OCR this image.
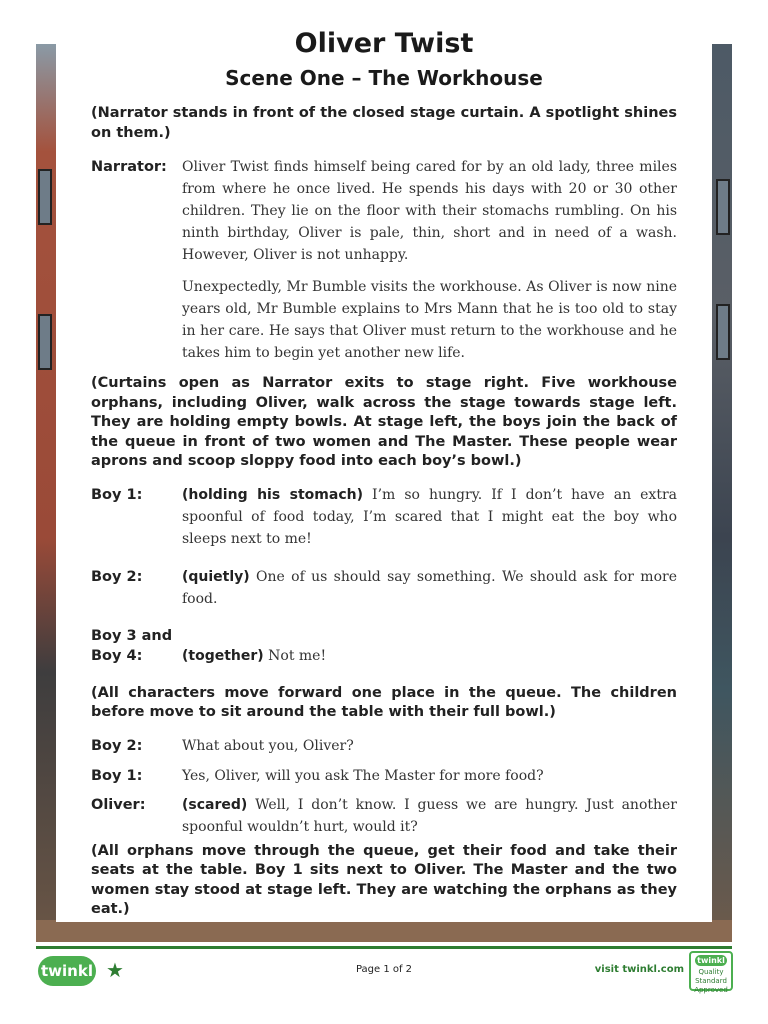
Oliver Twist
Scene One – The Workhouse

(Narrator stands in front of the closed stage curtain. A spotlight shines on them.)

Narrator:	Oliver Twist finds himself being cared for by an old lady, three miles from where he once lived. He spends his days with 20 or 30 other children. They lie on the floor with their stomachs rumbling. On his ninth birthday, Oliver is pale, thin, short and in need of a wash. However, Oliver is not unhappy.

Unexpectedly, Mr Bumble visits the workhouse. As Oliver is now nine years old, Mr Bumble explains to Mrs Mann that he is too old to stay in her care. He says that Oliver must return to the workhouse and he takes him to begin yet another new life.

(Curtains open as Narrator exits to stage right. Five workhouse orphans, including Oliver, walk across the stage towards stage left. They are holding empty bowls. At stage left, the boys join the back of the queue in front of two women and The Master. These people wear aprons and scoop sloppy food into each boy’s bowl.)

Boy 1:	(holding his stomach) I’m so hungry. If I don’t have an extra spoonful of food today, I’m scared that I might eat the boy who sleeps next to me!
Boy 2:	(quietly) One of us should say something. We should ask for more food.
Boy 3 and
Boy 4:	(together) Not me!

(All characters move forward one place in the queue. The children before move to sit around the table with their full bowl.)

Boy 2:	What about you, Oliver?
Boy 1:	Yes, Oliver, will you ask The Master for more food?
Oliver:	(scared) Well, I don’t know. I guess we are hungry. Just another spoonful wouldn’t hurt, would it?

(All orphans move through the queue, get their food and take their seats at the table. Boy 1 sits next to Oliver. The Master and the two women stay stood at stage left. They are watching the orphans as they eat.)

twinkl ★	Page 1 of 2	visit twinkl.com
twinkl
Quality Standard Approved
